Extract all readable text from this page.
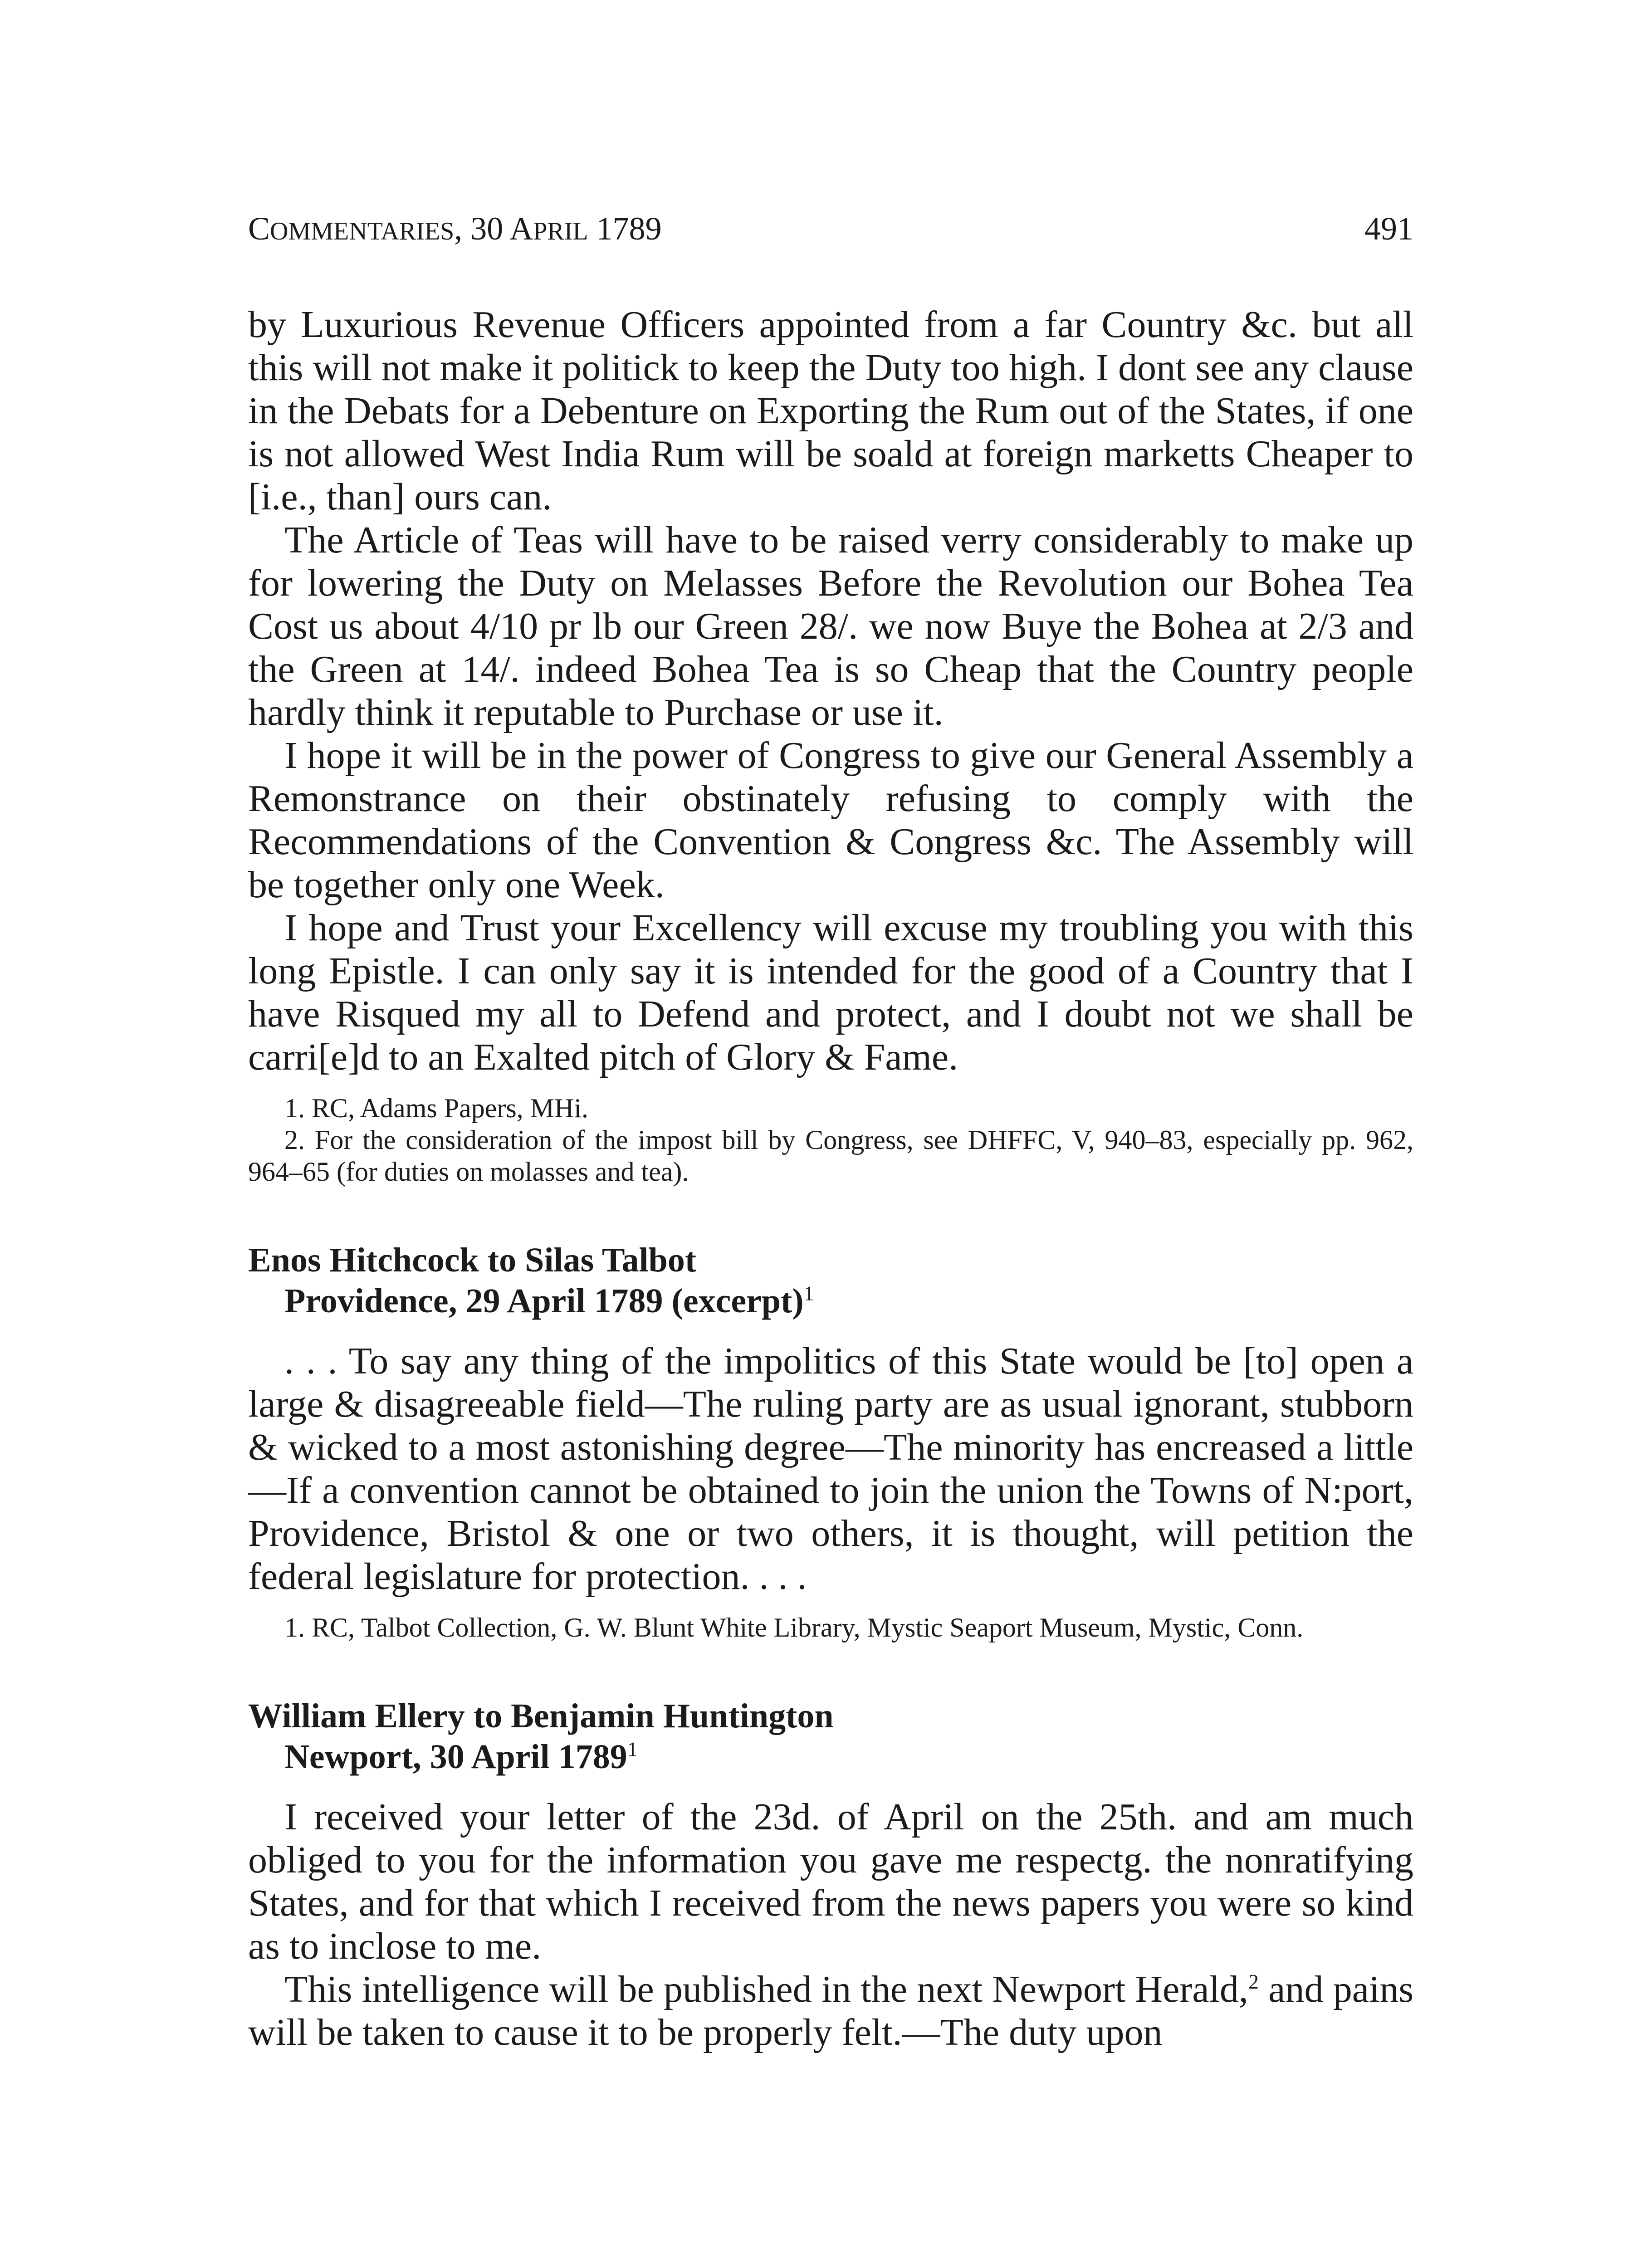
COMMENTARIES, 30 APRIL 1789	491

by Luxurious Revenue Officers appointed from a far Country &c. but all this will not make it politick to keep the Duty too high. I dont see any clause in the Debats for a Debenture on Exporting the Rum out of the States, if one is not allowed West India Rum will be soald at foreign marketts Cheaper to [i.e., than] ours can.

The Article of Teas will have to be raised verry considerably to make up for lowering the Duty on Melasses Before the Revolution our Bohea Tea Cost us about 4/10 pr lb our Green 28/. we now Buye the Bohea at 2/3 and the Green at 14/. indeed Bohea Tea is so Cheap that the Country people hardly think it reputable to Purchase or use it.

I hope it will be in the power of Congress to give our General Assembly a Remonstrance on their obstinately refusing to comply with the Recommendations of the Convention & Congress &c. The Assembly will be together only one Week.

I hope and Trust your Excellency will excuse my troubling you with this long Epistle. I can only say it is intended for the good of a Country that I have Risqued my all to Defend and protect, and I doubt not we shall be carri[e]d to an Exalted pitch of Glory & Fame.

1. RC, Adams Papers, MHi.

2. For the consideration of the impost bill by Congress, see DHFFC, V, 940–83, especially pp. 962, 964–65 (for duties on molasses and tea).

Enos Hitchcock to Silas Talbot

Providence, 29 April 1789 (excerpt)$^1$

. . . To say any thing of the impolitics of this State would be [to] open a large & disagreeable field—The ruling party are as usual ignorant, stubborn & wicked to a most astonishing degree—The minority has encreased a little—If a convention cannot be obtained to join the union the Towns of N:port, Providence, Bristol & one or two others, it is thought, will petition the federal legislature for protection. . . .

1. RC, Talbot Collection, G. W. Blunt White Library, Mystic Seaport Museum, Mystic, Conn.

William Ellery to Benjamin Huntington

Newport, 30 April 1789$^1$

I received your letter of the 23d. of April on the 25th. and am much obliged to you for the information you gave me respectg. the nonratifying States, and for that which I received from the news papers you were so kind as to inclose to me.

This intelligence will be published in the next Newport Herald,$^2$ and pains will be taken to cause it to be properly felt.—The duty upon
